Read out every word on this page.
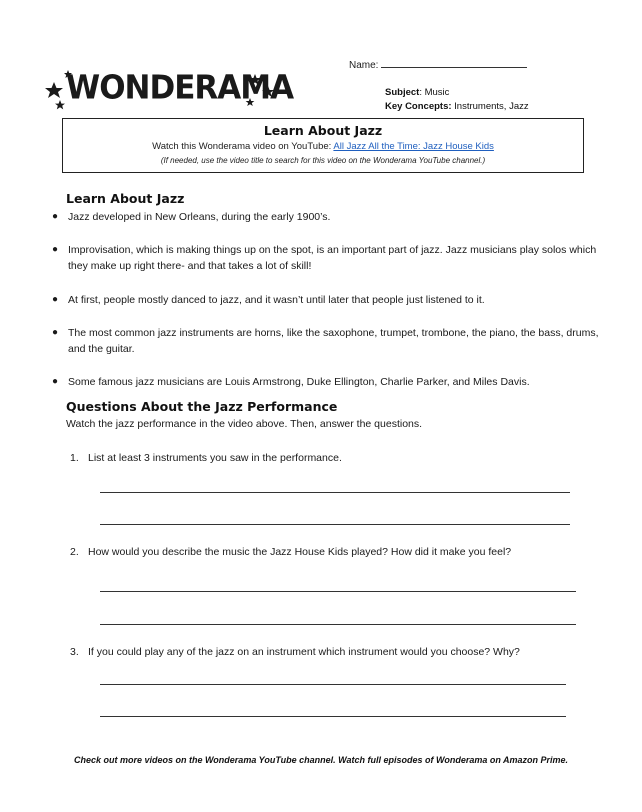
Name:
WONDERAMA	Subject: Music
Key Concepts: Instruments, Jazz
Learn About Jazz
Watch this Wonderama video on YouTube: All Jazz All the Time: Jazz House Kids
(If needed, use the video title to search for this video on the Wonderama YouTube channel.)
Learn About Jazz
● Jazz developed in New Orleans, during the early 1900’s.
● Improvisation, which is making things up on the spot, is an important part of jazz. Jazz musicians play solos which they make up right there- and that takes a lot of skill!
● At first, people mostly danced to jazz, and it wasn’t until later that people just listened to it.
● The most common jazz instruments are horns, like the saxophone, trumpet, trombone, the piano, the bass, drums, and the guitar.
● Some famous jazz musicians are Louis Armstrong, Duke Ellington, Charlie Parker, and Miles Davis.
Questions About the Jazz Performance
Watch the jazz performance in the video above. Then, answer the questions.
1. List at least 3 instruments you saw in the performance.
2. How would you describe the music the Jazz House Kids played? How did it make you feel?
3. If you could play any of the jazz on an instrument which instrument would you choose? Why?
Check out more videos on the Wonderama YouTube channel. Watch full episodes of Wonderama on Amazon Prime.
